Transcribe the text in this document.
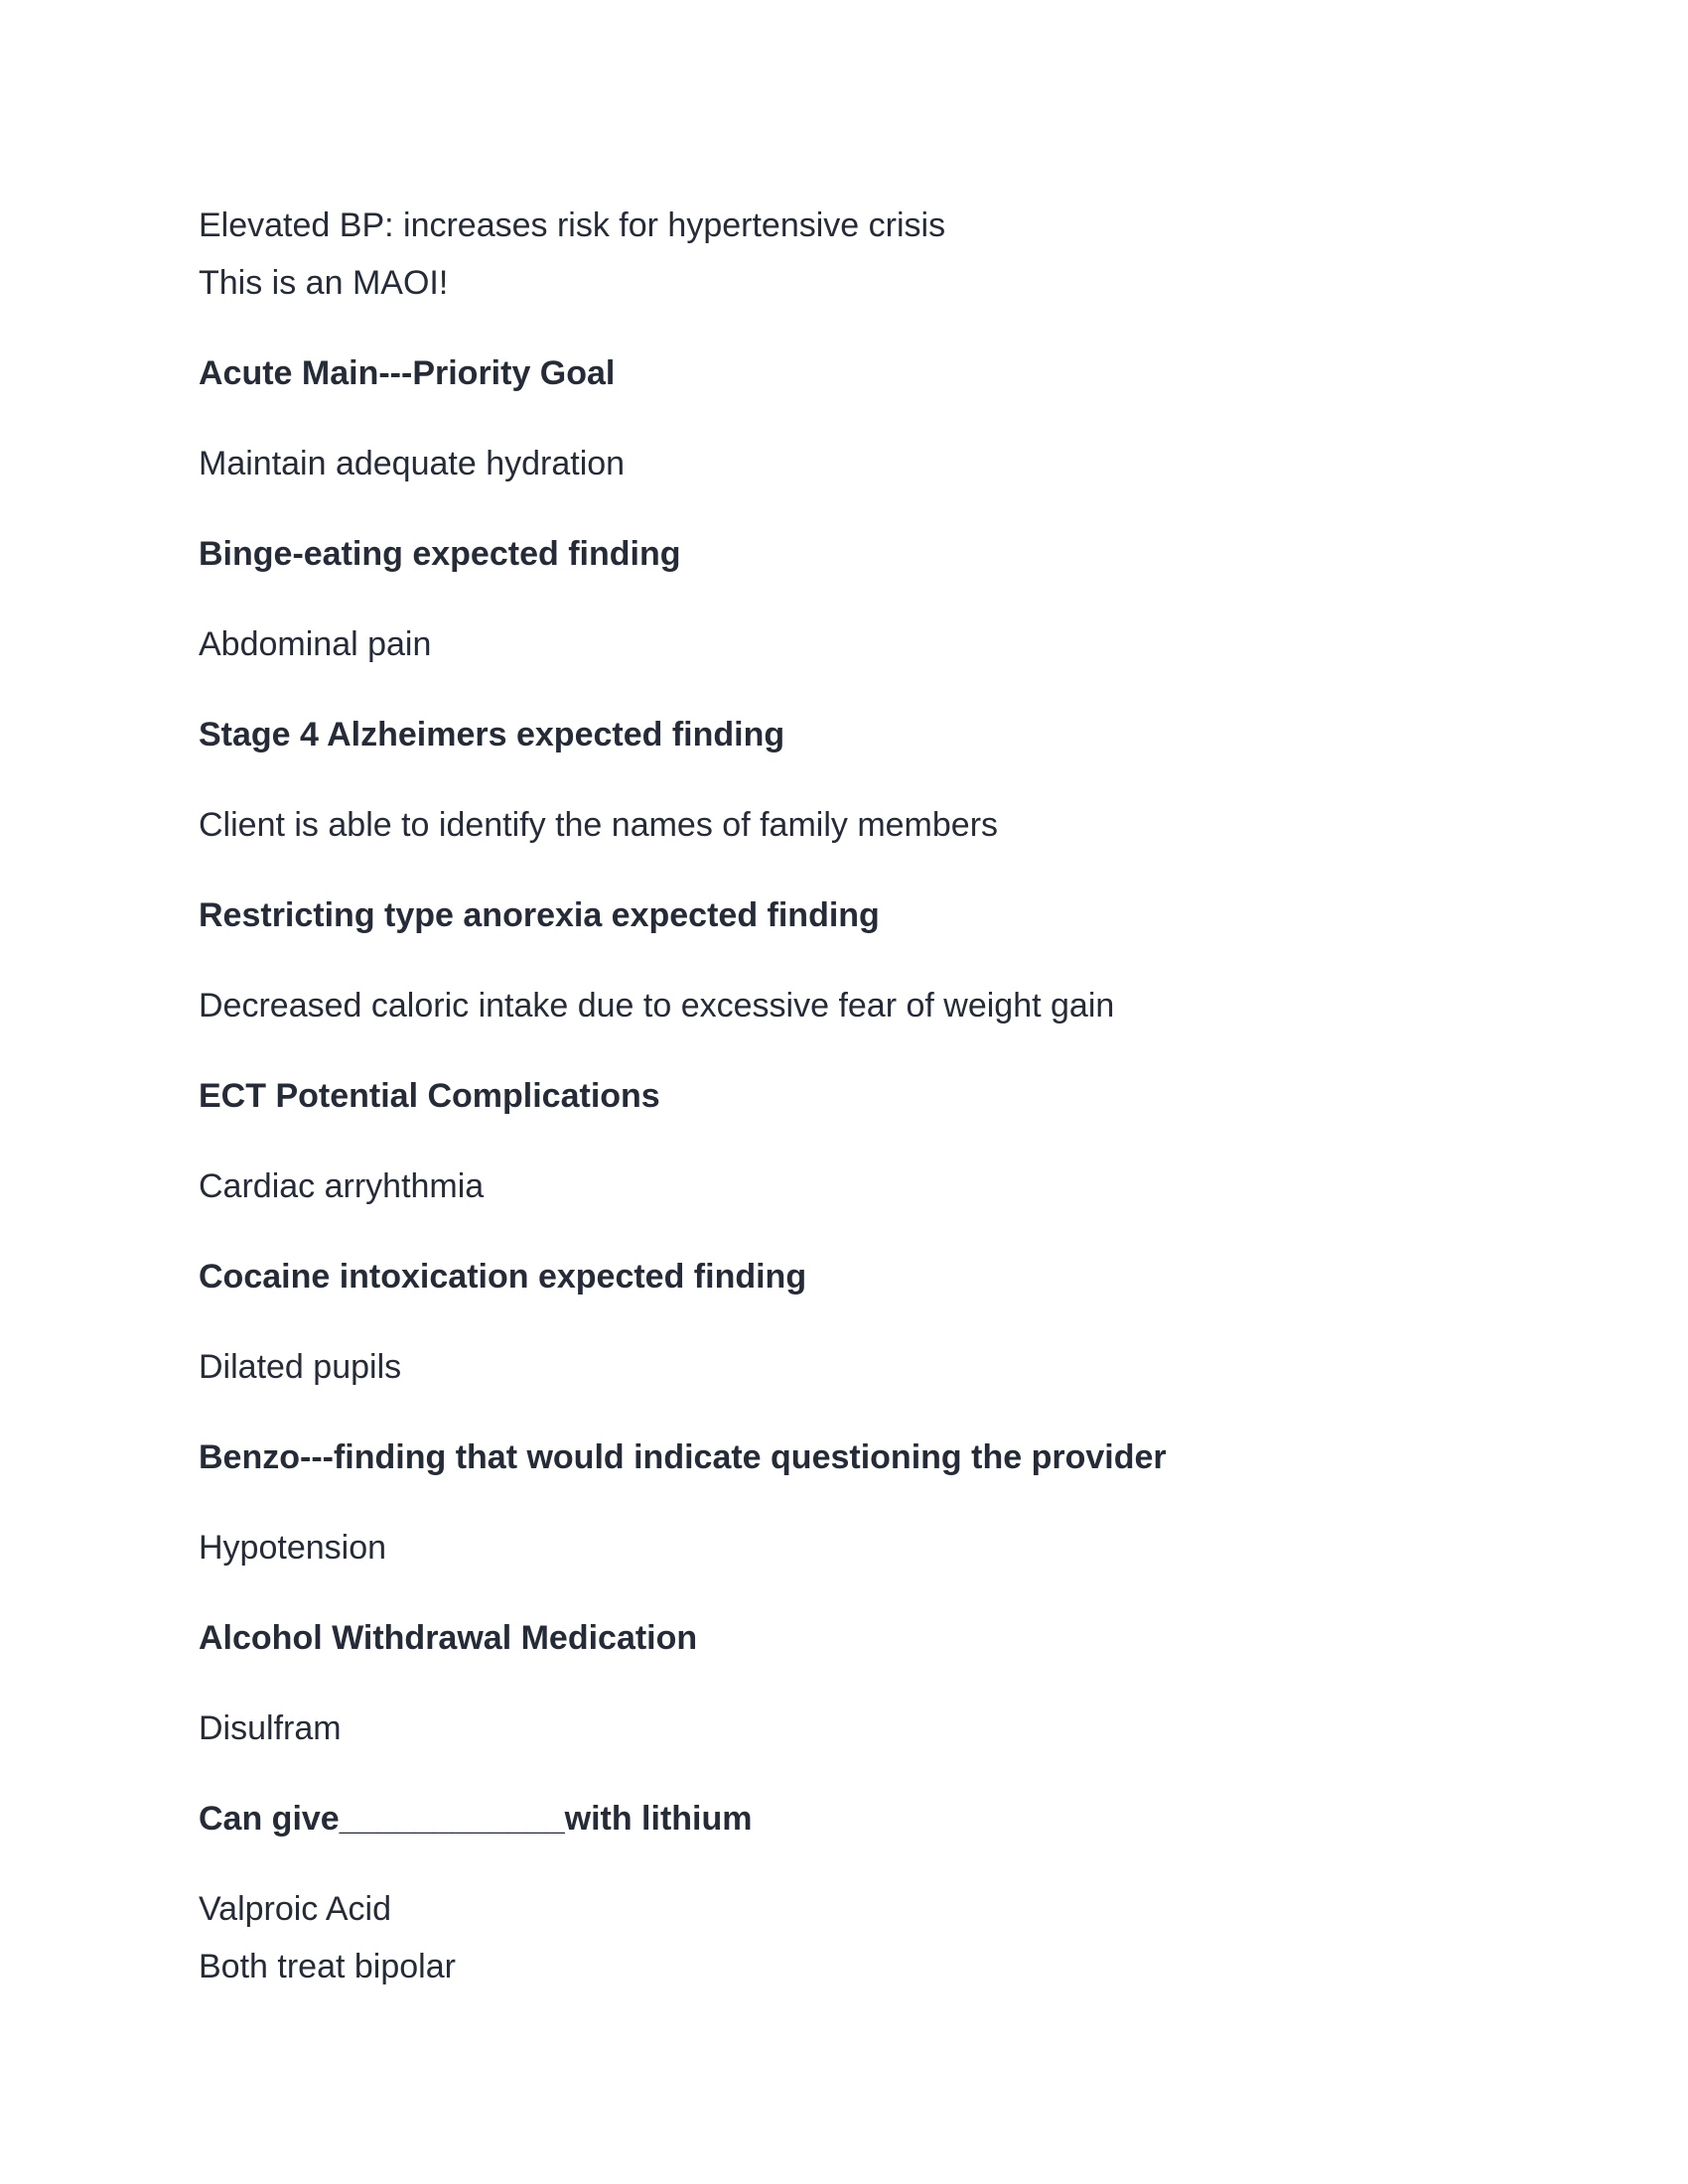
Elevated BP: increases risk for hypertensive crisis
This is an MAOI!
Acute Main---Priority Goal
Maintain adequate hydration
Binge-eating expected finding
Abdominal pain
Stage 4 Alzheimers expected finding
Client is able to identify the names of family members
Restricting type anorexia expected finding
Decreased caloric intake due to excessive fear of weight gain
ECT Potential Complications
Cardiac arryhthmia
Cocaine intoxication expected finding
Dilated pupils
Benzo---finding that would indicate questioning the provider
Hypotension
Alcohol Withdrawal Medication
Disulfram
Can give____________with lithium
Valproic Acid
Both treat bipolar
